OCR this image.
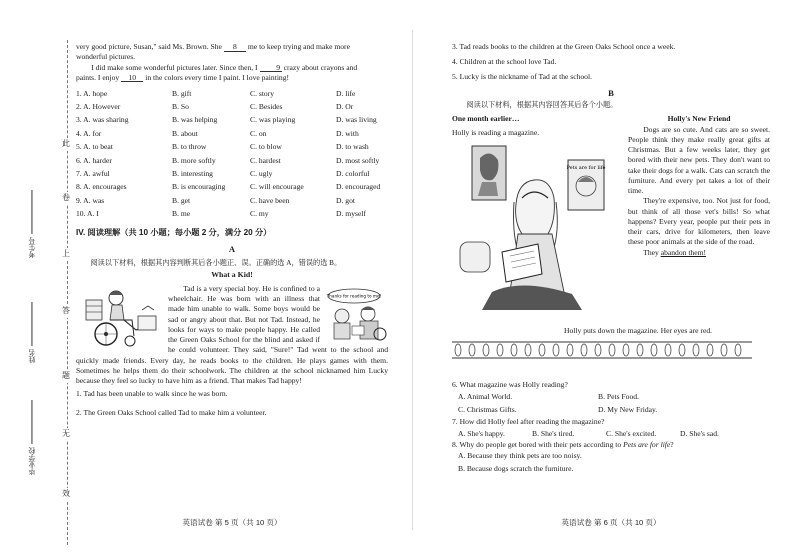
此
卷
上
答
题
无
效
考生号
姓名
毕业学校
very good picture, Susan," said Ms. Brown. She 8 me to keep trying and make more
wonderful pictures.
I did make some wonderful pictures later. Since then, I 9 crazy about crayons and
paints. I enjoy 10 in the colors every time I paint. I love painting!
1. A. hope	B. gift	C. story	D. life
2. A. However	B. So	C. Besides	D. Or
3. A. was sharing	B. was helping	C. was playing	D. was living
4. A. for	B. about	C. on	D. with
5. A. to beat	B. to throw	C. to blow	D. to wash
6. A. harder	B. more softly	C. hardest	D. most softly
7. A. awful	B. interesting	C. ugly	D. colorful
8. A. encourages	B. is encouraging	C. will encourage	D. encouraged
9. A. was	B. get	C. have been	D. got
10. A. I	B. me	C. my	D. myself
IV. 阅读理解（共 10 小题；每小题 2 分，满分 20 分）
A
阅读以下材料，根据其内容判断其后各小题正、误。正确的选 A，错误的选 B。
What a Kid!
Thanks for reading to me!
Tad is a very special boy. He is confined to a wheelchair. He was born with an illness that made him unable to walk. Some boys would be sad or angry about that. But not Tad. Instead, he looks for ways to make people happy. He called the Green Oaks School for the blind and asked if he could volunteer. They said, "Sure!" Tad went to the school and quickly made friends. Every day, he reads books to the children. He plays games with them. Sometimes he helps them do their schoolwork. The children at the school nicknamed him Lucky because they feel so lucky to have him as a friend. That makes Tad happy!
1. Tad has been unable to walk since he was born.
2. The Green Oaks School called Tad to make him a volunteer.
英语试卷 第 5 页（共 10 页）
3. Tad reads books to the children at the Green Oaks School once a week.
4. Children at the school love Tad.
5. Lucky is the nickname of Tad at the school.
B
阅读以下材料，根据其内容回答其后各个小题。
One month earlier…
Holly is reading a magazine.
Pets are for life
Holly's New Friend
Dogs are so cute. And cats are so sweet. People think they make really great gifts at Christmas. But a few weeks later, they get bored with their new pets. They don't want to take their dogs for a walk. Cats can scratch the furniture. And every pet takes a lot of their time.
They're expensive, too. Not just for food, but think of all those vet's bills! So what happens? Every year, people put their pets in their cars, drive for kilometers, then leave these poor animals at the side of the road.
They abandon them!
Holly puts down the magazine. Her eyes are red.
6. What magazine was Holly reading?
A. Animal World.	B. Pets Food.
C. Christmas Gifts.	D. My New Friday.
7. How did Holly feel after reading the magazine?
A. She's happy.	B. She's tired.	C. She's excited.	D. She's sad.
8. Why do people get bored with their pets according to Pets are for life?
A. Because they think pets are too noisy.
B. Because dogs scratch the furniture.
英语试卷 第 6 页（共 10 页）
